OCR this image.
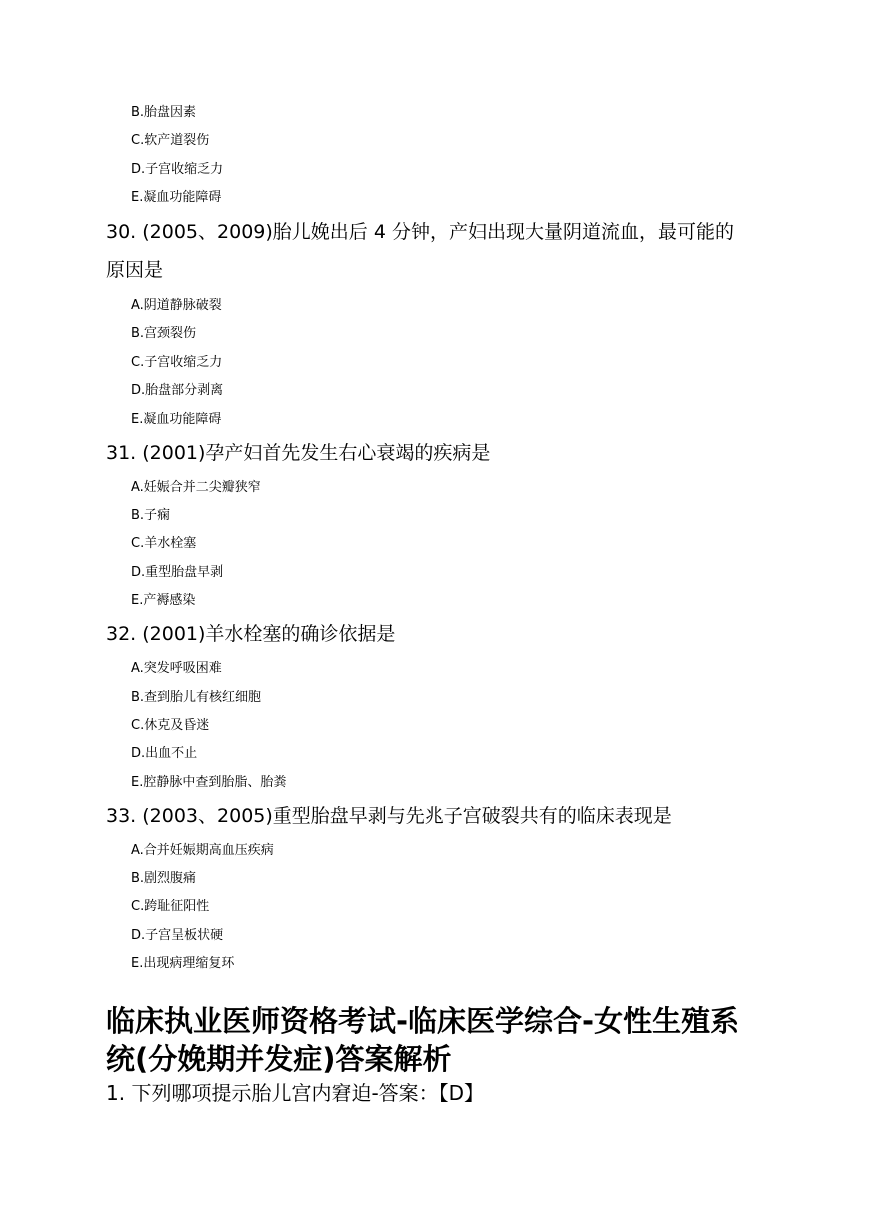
B.胎盘因素
C.软产道裂伤
D.子宫收缩乏力
E.凝血功能障碍
30. (2005、2009)胎儿娩出后 4 分钟，产妇出现大量阴道流血，最可能的
原因是
A.阴道静脉破裂
B.宫颈裂伤
C.子宫收缩乏力
D.胎盘部分剥离
E.凝血功能障碍
31. (2001)孕产妇首先发生右心衰竭的疾病是
A.妊娠合并二尖瓣狭窄
B.子痫
C.羊水栓塞
D.重型胎盘早剥
E.产褥感染
32. (2001)羊水栓塞的确诊依据是
A.突发呼吸困难
B.查到胎儿有核红细胞
C.休克及昏迷
D.出血不止
E.腔静脉中查到胎脂、胎粪
33. (2003、2005)重型胎盘早剥与先兆子宫破裂共有的临床表现是
A.合并妊娠期高血压疾病
B.剧烈腹痛
C.跨耻征阳性
D.子宫呈板状硬
E.出现病理缩复环
临床执业医师资格考试-临床医学综合-女性生殖系
统(分娩期并发症)答案解析
1. 下列哪项提示胎儿宫内窘迫-答案：【D】
